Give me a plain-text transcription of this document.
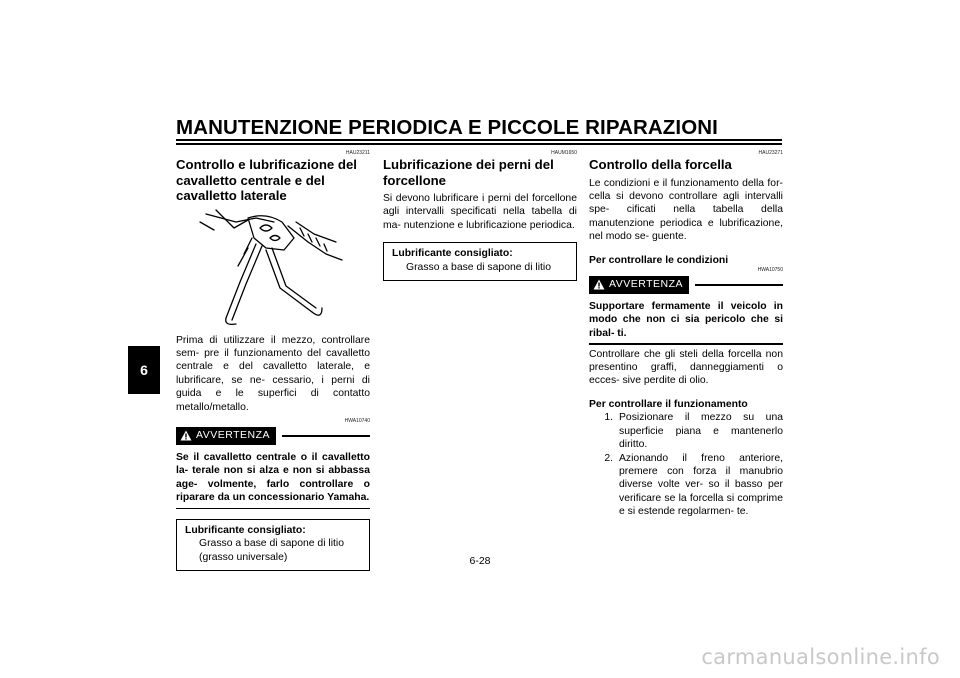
MANUTENZIONE PERIODICA E PICCOLE RIPARAZIONI
6
HAU23211
Controllo e lubrificazione del cavalletto centrale e del cavalletto laterale

Prima di utilizzare il mezzo, controllare sem- pre il funzionamento del cavalletto centrale e del cavalletto laterale, e lubrificare, se ne- cessario, i perni di guida e le superfici di contatto metallo/metallo.

HWA10740
AVVERTENZA

Se il cavalletto centrale o il cavalletto la- terale non si alza e non si abbassa age- volmente, farlo controllare o riparare da un concessionario Yamaha.

Lubrificante consigliato:
Grasso a base di sapone di litio
(grasso universale)
HAUM1650
Lubrificazione dei perni del forcellone

Si devono lubrificare i perni del forcellone agli intervalli specificati nella tabella di ma- nutenzione e lubrificazione periodica.

Lubrificante consigliato:
Grasso a base di sapone di litio
HAU23271
Controllo della forcella

Le condizioni e il funzionamento della for- cella si devono controllare agli intervalli spe- cificati nella tabella della manutenzione periodica e lubrificazione, nel modo se- guente.

Per controllare le condizioni
HWA10750
AVVERTENZA

Supportare fermamente il veicolo in modo che non ci sia pericolo che si ribal- ti.

Controllare che gli steli della forcella non presentino graffi, danneggiamenti o ecces- sive perdite di olio.

Per controllare il funzionamento
1. Posizionare il mezzo su una superficie piana e mantenerlo diritto.
2. Azionando il freno anteriore, premere con forza il manubrio diverse volte ver- so il basso per verificare se la forcella si comprime e si estende regolarmen- te.
6-28
carmanualsonline.info
